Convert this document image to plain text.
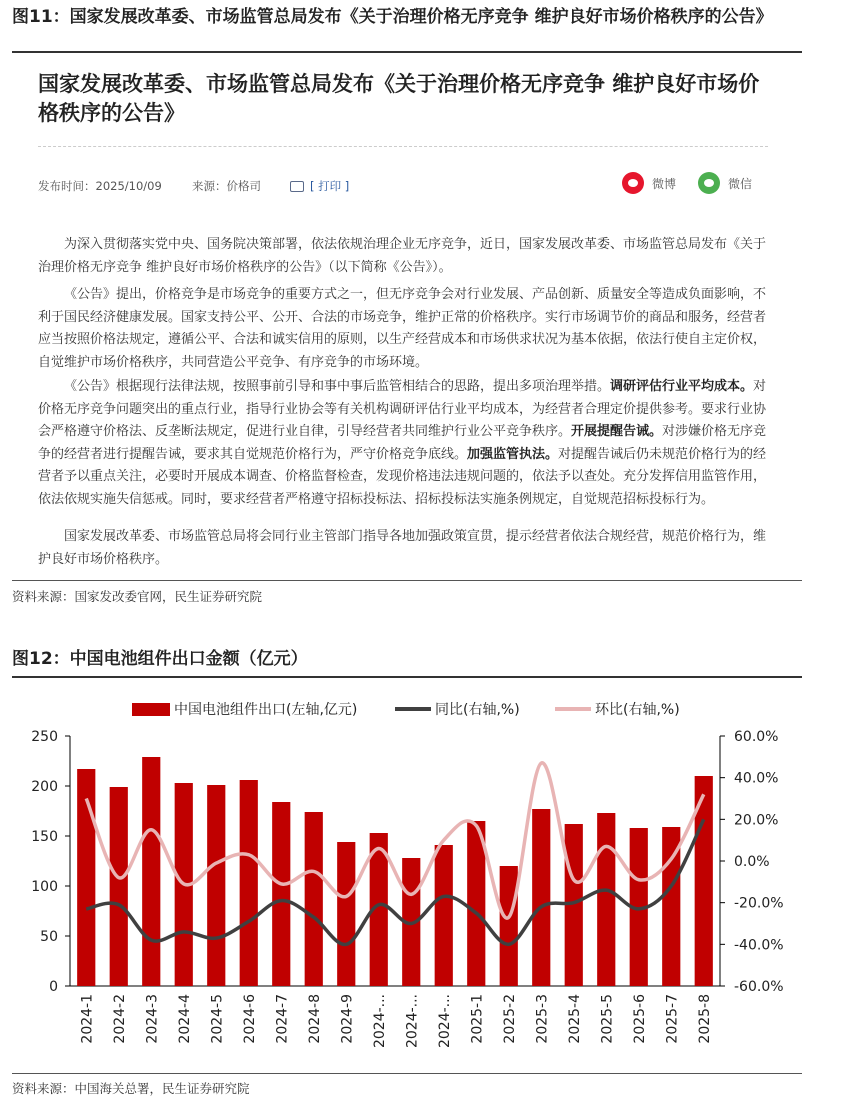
图11：国家发展改革委、市场监管总局发布《关于治理价格无序竞争 维护良好市场价格秩序的公告》
国家发展改革委、市场监管总局发布《关于治理价格无序竞争 维护良好市场价格秩序的公告》
发布时间：2025/10/09	来源：价格司	[ 打印 ]	微博	微信

为深入贯彻落实党中央、国务院决策部署，依法依规治理企业无序竞争，近日，国家发展改革委、市场监管总局发布《关于治理价格无序竞争 维护良好市场价格秩序的公告》（以下简称《公告》）。

《公告》提出，价格竞争是市场竞争的重要方式之一，但无序竞争会对行业发展、产品创新、质量安全等造成负面影响，不利于国民经济健康发展。国家支持公平、公开、合法的市场竞争，维护正常的价格秩序。实行市场调节价的商品和服务，经营者应当按照价格法规定，遵循公平、合法和诚实信用的原则，以生产经营成本和市场供求状况为基本依据，依法行使自主定价权，自觉维护市场价格秩序，共同营造公平竞争、有序竞争的市场环境。

《公告》根据现行法律法规，按照事前引导和事中事后监管相结合的思路，提出多项治理举措。调研评估行业平均成本。对价格无序竞争问题突出的重点行业，指导行业协会等有关机构调研评估行业平均成本，为经营者合理定价提供参考。要求行业协会严格遵守价格法、反垄断法规定，促进行业自律，引导经营者共同维护行业公平竞争秩序。开展提醒告诫。对涉嫌价格无序竞争的经营者进行提醒告诫，要求其自觉规范价格行为，严守价格竞争底线。加强监管执法。对提醒告诫后仍未规范价格行为的经营者予以重点关注，必要时开展成本调查、价格监督检查，发现价格违法违规问题的，依法予以查处。充分发挥信用监管作用，依法依规实施失信惩戒。同时，要求经营者严格遵守招标投标法、招标投标法实施条例规定，自觉规范招标投标行为。

国家发展改革委、市场监管总局将会同行业主管部门指导各地加强政策宣贯，提示经营者依法合规经营，规范价格行为，维护良好市场价格秩序。

资料来源：国家发改委官网，民生证券研究院
图12：中国电池组件出口金额（亿元）
0
50
100
150
200
250
-60.0%
-40.0%
-20.0%
0.0%
20.0%
40.0%
60.0%
2024-1 2024-2 2024-3 2024-4 2024-5 2024-6 2024-7 2024-8 2024-9 2024-... 2024-... 2024-... 2025-1 2025-2 2025-3 2025-4 2025-5 2025-6 2025-7 2025-8
中国电池组件出口(左轴,亿元)	同比(右轴,%)	环比(右轴,%)
资料来源：中国海关总署，民生证券研究院
